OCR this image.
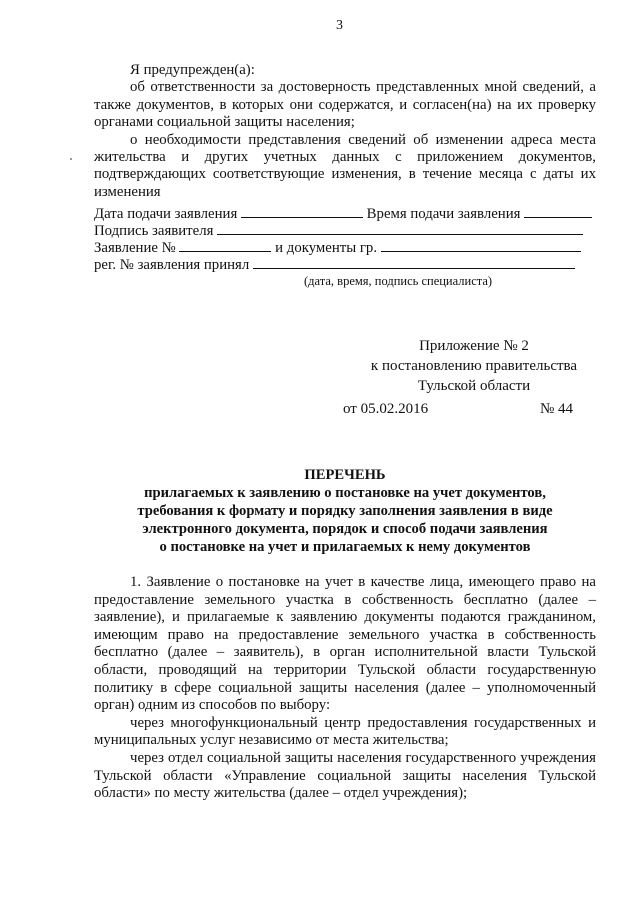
3

Я предупрежден(а):

об ответственности за достоверность представленных мной сведений, а также документов, в которых они содержатся, и согласен(на) на их проверку органами социальной защиты населения;

о необходимости представления сведений об изменении адреса места жительства и других учетных данных с приложением документов, подтверждающих соответствующие изменения, в течение месяца с даты их изменения

Дата подачи заявления	Время подачи заявления
Подпись заявителя
Заявление №	и документы гр.
рег. № заявления принял
(дата, время, подпись специалиста)
Приложение № 2
к постановлению правительства
Тульской области
от 05.02.2016	№ 44
ПЕРЕЧЕНЬ
прилагаемых к заявлению о постановке на учет документов,
требования к формату и порядку заполнения заявления в виде
электронного документа, порядок и способ подачи заявления
о постановке на учет и прилагаемых к нему документов

1. Заявление о постановке на учет в качестве лица, имеющего право на предоставление земельного участка в собственность бесплатно (далее – заявление), и прилагаемые к заявлению документы подаются гражданином, имеющим право на предоставление земельного участка в собственность бесплатно (далее – заявитель), в орган исполнительной власти Тульской области, проводящий на территории Тульской области государственную политику в сфере социальной защиты населения (далее – уполномоченный орган) одним из способов по выбору:

через многофункциональный центр предоставления государственных и муниципальных услуг независимо от места жительства;

через отдел социальной защиты населения государственного учреждения Тульской области «Управление социальной защиты населения Тульской области» по месту жительства (далее – отдел учреждения);
